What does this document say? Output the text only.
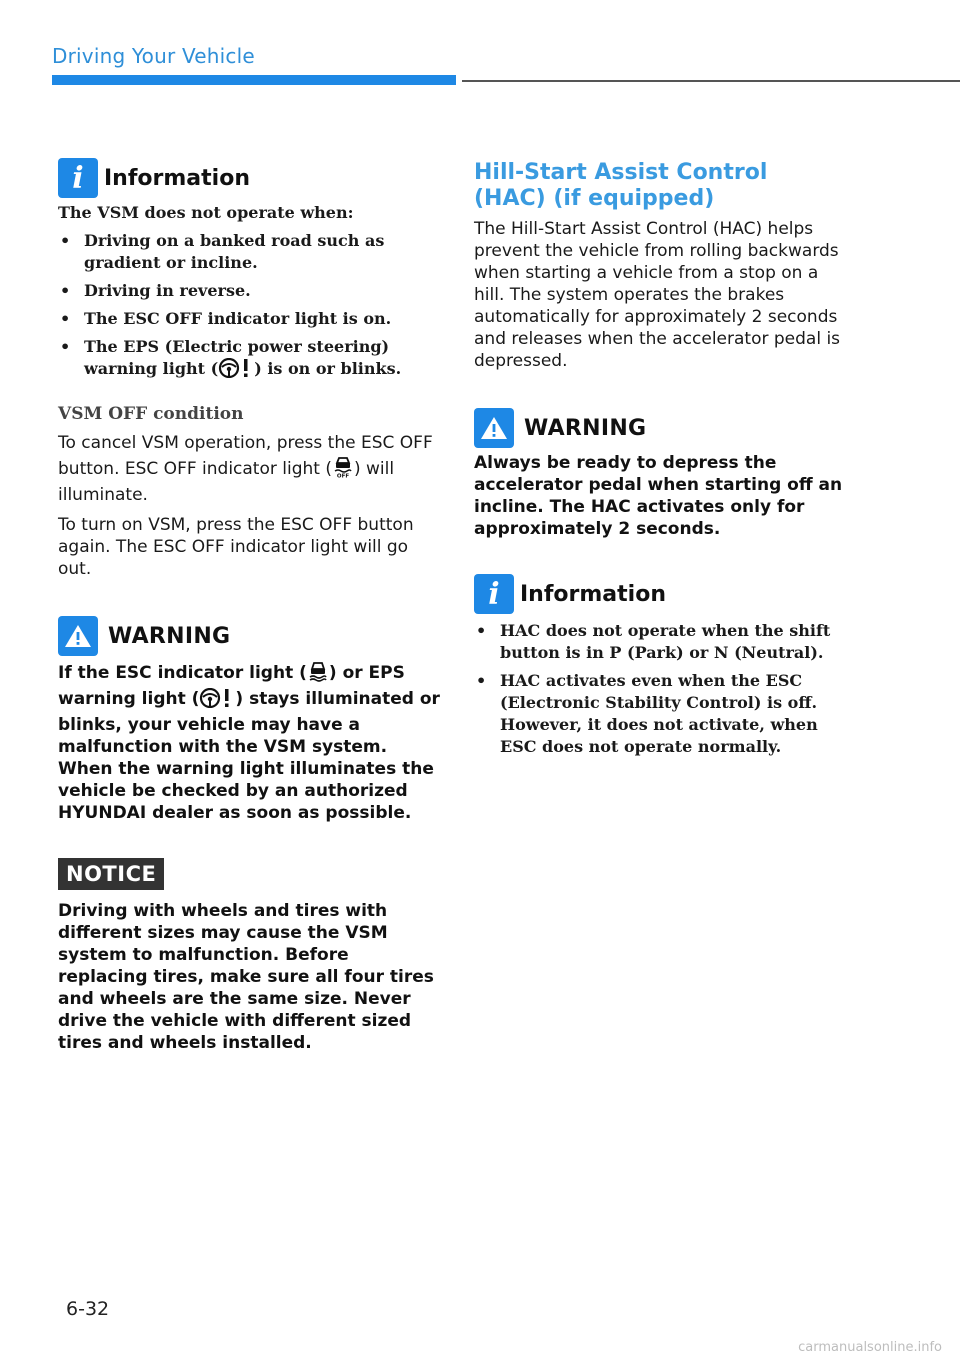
Driving Your Vehicle
i Information

The VSM does not operate when:

• Driving on a banked road such as gradient or incline.
• Driving in reverse.
• The ESC OFF indicator light is on.
• The EPS (Electric power steering) warning light ( ) is on or blinks.
VSM OFF condition

To cancel VSM operation, press the ESC OFF button. ESC OFF indicator light ( OFF ) will illuminate.

To turn on VSM, press the ESC OFF button again. The ESC OFF indicator light will go out.

WARNING

If the ESC indicator light ( ) or EPS warning light ( ) stays illuminated or blinks, your vehicle may have a malfunction with the VSM system. When the warning light illuminates the vehicle be checked by an authorized HYUNDAI dealer as soon as possible.

NOTICE

Driving with wheels and tires with different sizes may cause the VSM system to malfunction. Before replacing tires, make sure all four tires and wheels are the same size. Never drive the vehicle with different sized tires and wheels installed.

Hill-Start Assist Control (HAC) (if equipped)

The Hill-Start Assist Control (HAC) helps prevent the vehicle from rolling backwards when starting a vehicle from a stop on a hill. The system operates the brakes automatically for approximately 2 seconds and releases when the accelerator pedal is depressed.

WARNING

Always be ready to depress the accelerator pedal when starting off an incline. The HAC activates only for approximately 2 seconds.

i Information
• HAC does not operate when the shift button is in P (Park) or N (Neutral).
• HAC activates even when the ESC (Electronic Stability Control) is off. However, it does not activate, when ESC does not operate normally.
6-32
carmanualsonline.info
